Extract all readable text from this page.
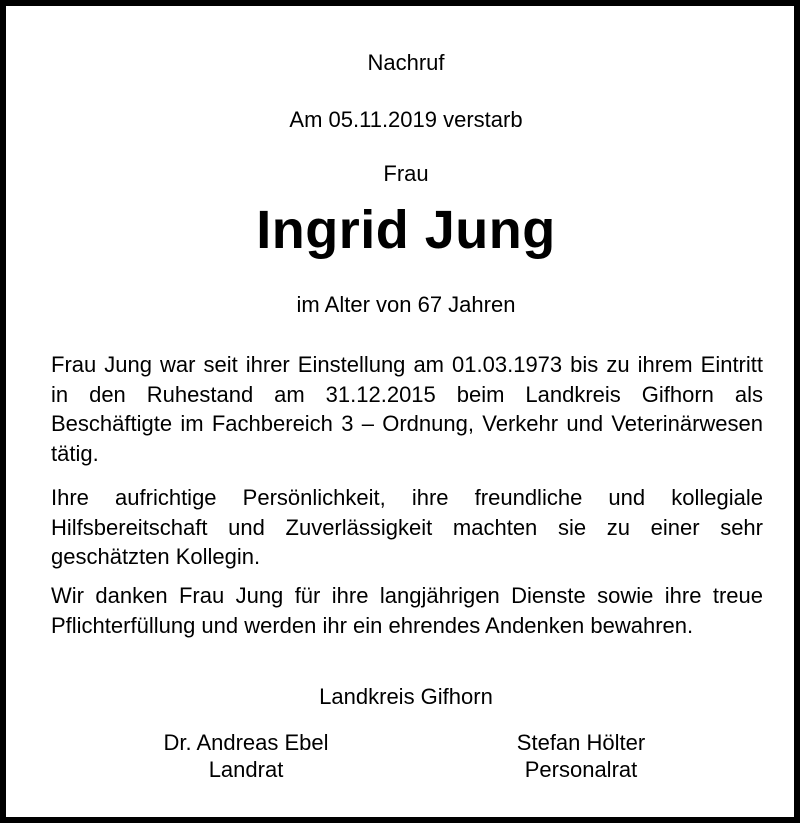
Nachruf
Am 05.11.2019 verstarb
Frau
Ingrid Jung
im Alter von 67 Jahren
Frau Jung war seit ihrer Einstellung am 01.03.1973 bis zu ihrem Eintritt in den Ruhestand am 31.12.2015 beim Landkreis Gifhorn als Beschäftigte im Fachbereich 3 – Ordnung, Verkehr und Veterinärwesen tätig.
Ihre aufrichtige Persönlichkeit, ihre freundliche und kollegiale Hilfsbereitschaft und Zuverlässigkeit machten sie zu einer sehr geschätzten Kollegin.
Wir danken Frau Jung für ihre langjährigen Dienste sowie ihre treue Pflichterfüllung und werden ihr ein ehrendes Andenken bewahren.
Landkreis Gifhorn
Dr. Andreas Ebel
Landrat
Stefan Hölter
Personalrat
